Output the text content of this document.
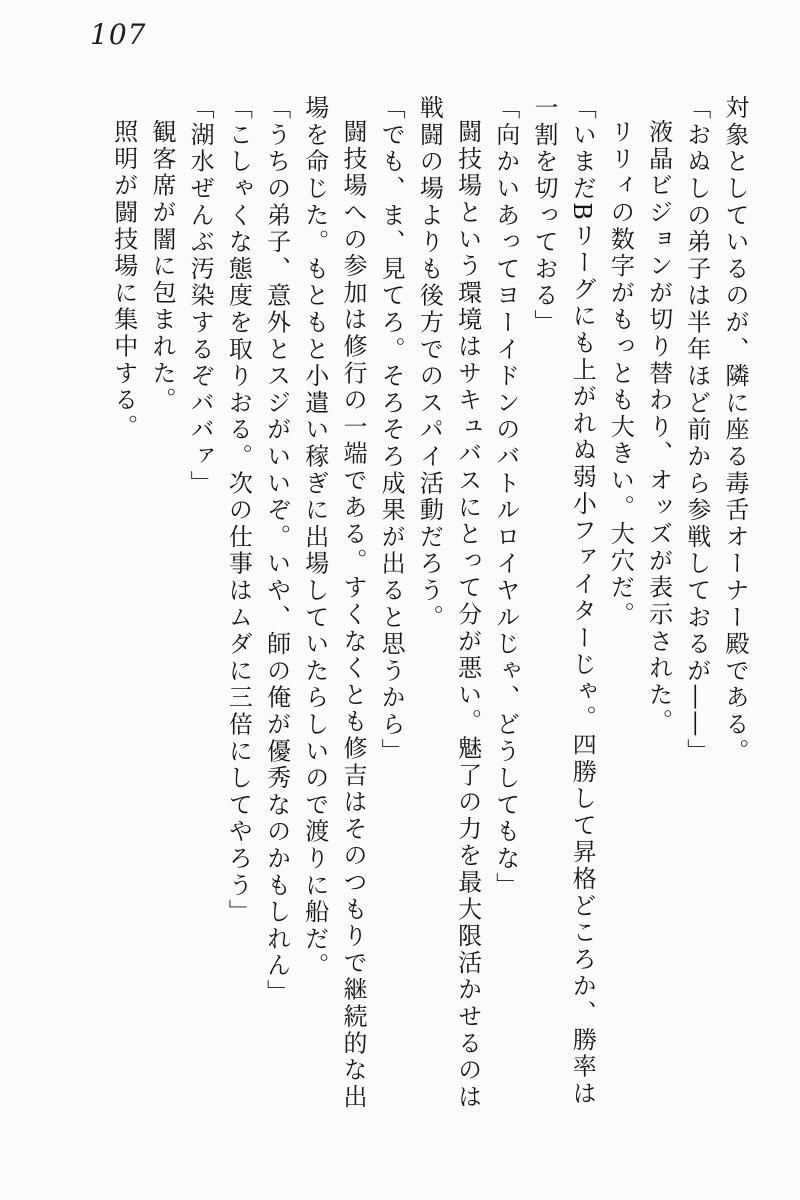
107

対象としているのが、隣に座る毒舌オーナー殿である。

「おぬしの弟子は半年ほど前から参戦しておるが――」

液晶ビジョンが切り替わり、オッズが表示された。

リリィの数字がもっとも大きい。大穴だ。

「いまだBリーグにも上がれぬ弱小ファイターじゃ。四勝して昇格どころか、勝率は一割を切っておる」

「向かいあってヨーイドンのバトルロイヤルじゃ、どうしてもな」

闘技場という環境はサキュバスにとって分が悪い。魅了の力を最大限活かせるのは戦闘の場よりも後方でのスパイ活動だろう。

「でも、ま、見てろ。そろそろ成果が出ると思うから」

闘技場への参加は修行の一端である。すくなくとも修吉はそのつもりで継続的な出場を命じた。もともと小遣い稼ぎに出場していたらしいので渡りに船だ。

「うちの弟子、意外とスジがいいぞ。いや、師の俺が優秀なのかもしれん」

「こしゃくな態度を取りおる。次の仕事はムダに三倍にしてやろう」

「湖水ぜんぶ汚染するぞババァ」

観客席が闇に包まれた。

照明が闘技場に集中する。
